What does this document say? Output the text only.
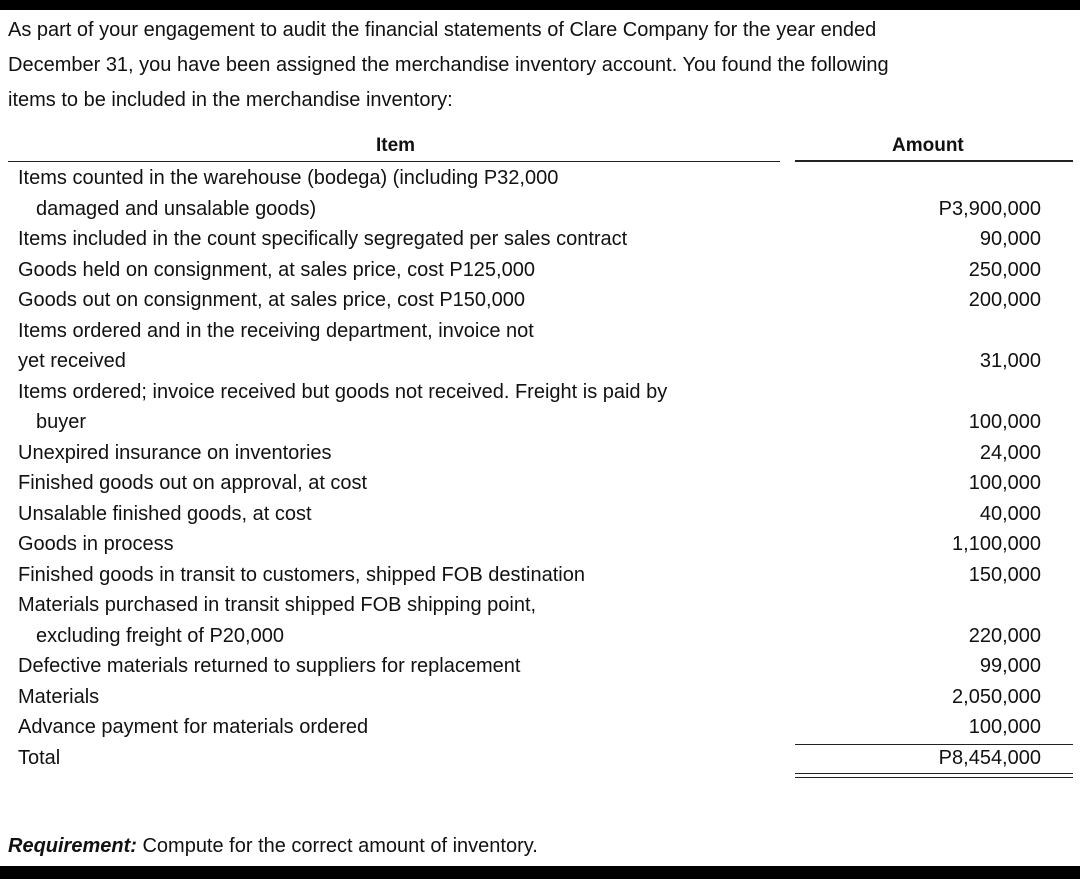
As part of your engagement to audit the financial statements of Clare Company for the year ended
December 31, you have been assigned the merchandise inventory account. You found the following
items to be included in the merchandise inventory:
Item	Amount
Items counted in the warehouse (bodega) (including P32,000
damaged and unsalable goods)	P3,900,000
Items included in the count specifically segregated per sales contract	90,000
Goods held on consignment, at sales price, cost P125,000	250,000
Goods out on consignment, at sales price, cost P150,000	200,000
Items ordered and in the receiving department, invoice not
yet received	31,000
Items ordered; invoice received but goods not received. Freight is paid by
buyer	100,000
Unexpired insurance on inventories	24,000
Finished goods out on approval, at cost	100,000
Unsalable finished goods, at cost	40,000
Goods in process	1,100,000
Finished goods in transit to customers, shipped FOB destination	150,000
Materials purchased in transit shipped FOB shipping point,
excluding freight of P20,000	220,000
Defective materials returned to suppliers for replacement	99,000
Materials	2,050,000
Advance payment for materials ordered	100,000
Total	P8,454,000
Requirement: Compute for the correct amount of inventory.
